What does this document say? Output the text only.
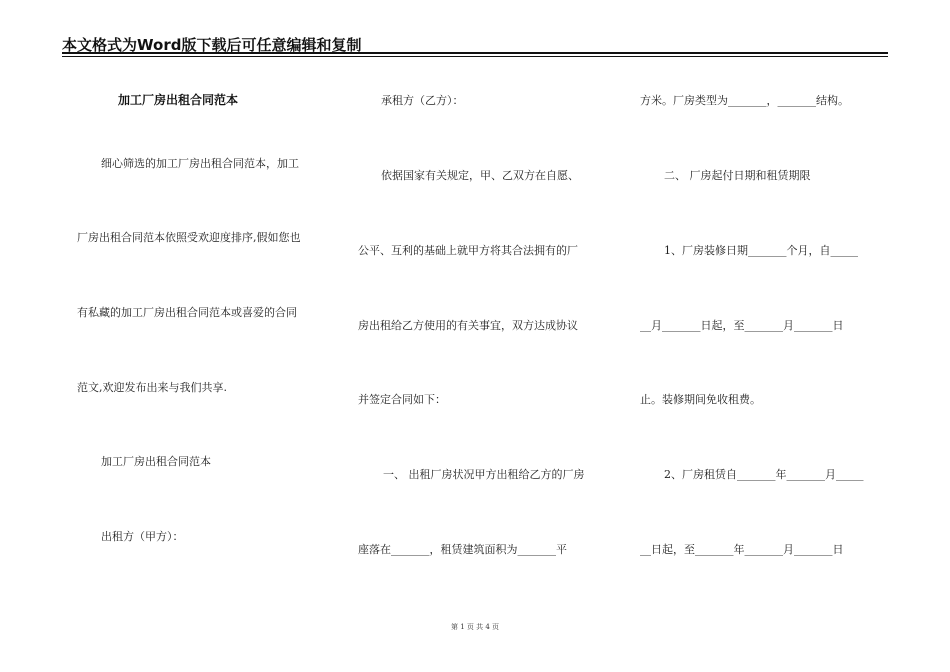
本文格式为Word版下载后可任意编辑和复制
加工厂房出租合同范本
细心筛选的加工厂房出租合同范本，加工
厂房出租合同范本依照受欢迎度排序,假如您也
有私藏的加工厂房出租合同范本或喜爱的合同
范文,欢迎发布出来与我们共享.
加工厂房出租合同范本
出租方（甲方）：
承租方（乙方）：
依据国家有关规定，甲、乙双方在自愿、
公平、互利的基础上就甲方将其合法拥有的厂
房出租给乙方使用的有关事宜，双方达成协议
并签定合同如下：
一、 出租厂房状况甲方出租给乙方的厂房
座落在_______，租赁建筑面积为_______平
方米。厂房类型为_______，_______结构。
二、 厂房起付日期和租赁期限
1、厂房装修日期_______个月，自_____
__月_______日起，至_______月_______日
止。装修期间免收租费。
2、厂房租赁自_______年_______月_____
__日起，至_______年_______月_______日
第 1 页 共 4 页
